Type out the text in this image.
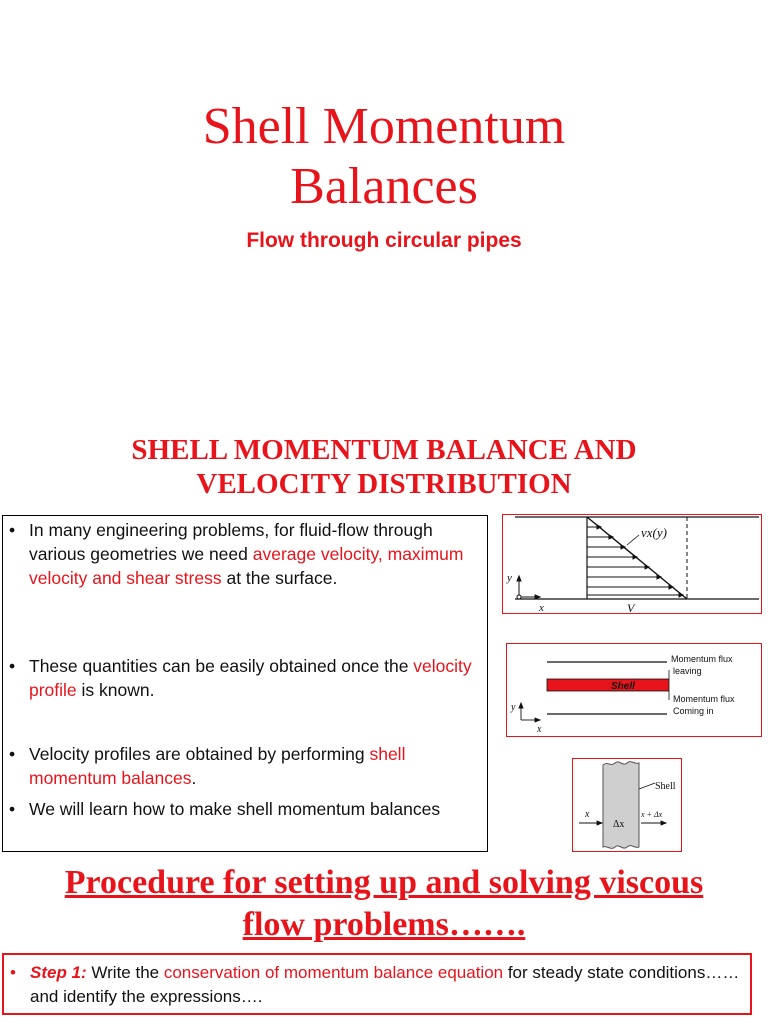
Shell Momentum
Balances
Flow through circular pipes
SHELL MOMENTUM BALANCE AND
VELOCITY DISTRIBUTION
• In many engineering problems, for fluid-flow through various geometries we need average velocity, maximum velocity and shear stress at the surface.
• These quantities can be easily obtained once the velocity profile is known.
• Velocity profiles are obtained by performing shell momentum balances.
• We will learn how to make shell momentum balances
y
x	V
vx(y)
Shell
Momentum flux
leaving
Momentum flux
Coming in
y
x
Shell
x
Δx
x + Δx
Procedure for setting up and solving viscous
flow problems…….
• Step 1: Write the conservation of momentum balance equation for steady state conditions……and identify the expressions….
